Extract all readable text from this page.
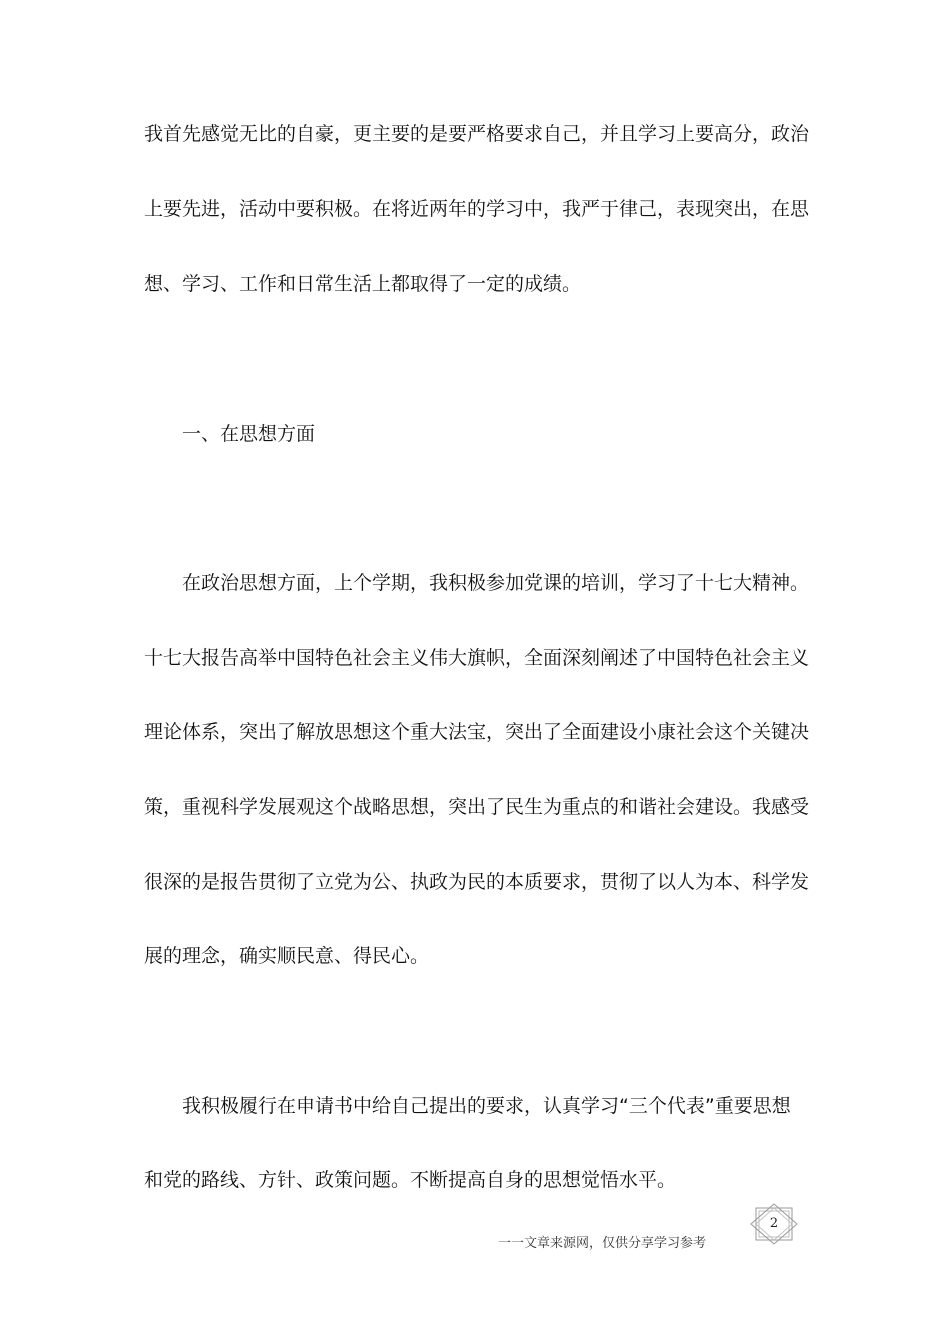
我首先感觉无比的自豪，更主要的是要严格要求自己，并且学习上要高分，政治
上要先进，活动中要积极。在将近两年的学习中，我严于律己，表现突出，在思
想、学习、工作和日常生活上都取得了一定的成绩。
一、在思想方面
在政治思想方面，上个学期，我积极参加党课的培训，学习了十七大精神。
十七大报告高举中国特色社会主义伟大旗帜，全面深刻阐述了中国特色社会主义
理论体系，突出了解放思想这个重大法宝，突出了全面建设小康社会这个关键决
策，重视科学发展观这个战略思想，突出了民生为重点的和谐社会建设。我感受
很深的是报告贯彻了立党为公、执政为民的本质要求，贯彻了以人为本、科学发
展的理念，确实顺民意、得民心。
我积极履行在申请书中给自己提出的要求，认真学习“三个代表”重要思想
和党的路线、方针、政策问题。不断提高自身的思想觉悟水平。
一一文章来源网，仅供分享学习参考
2
